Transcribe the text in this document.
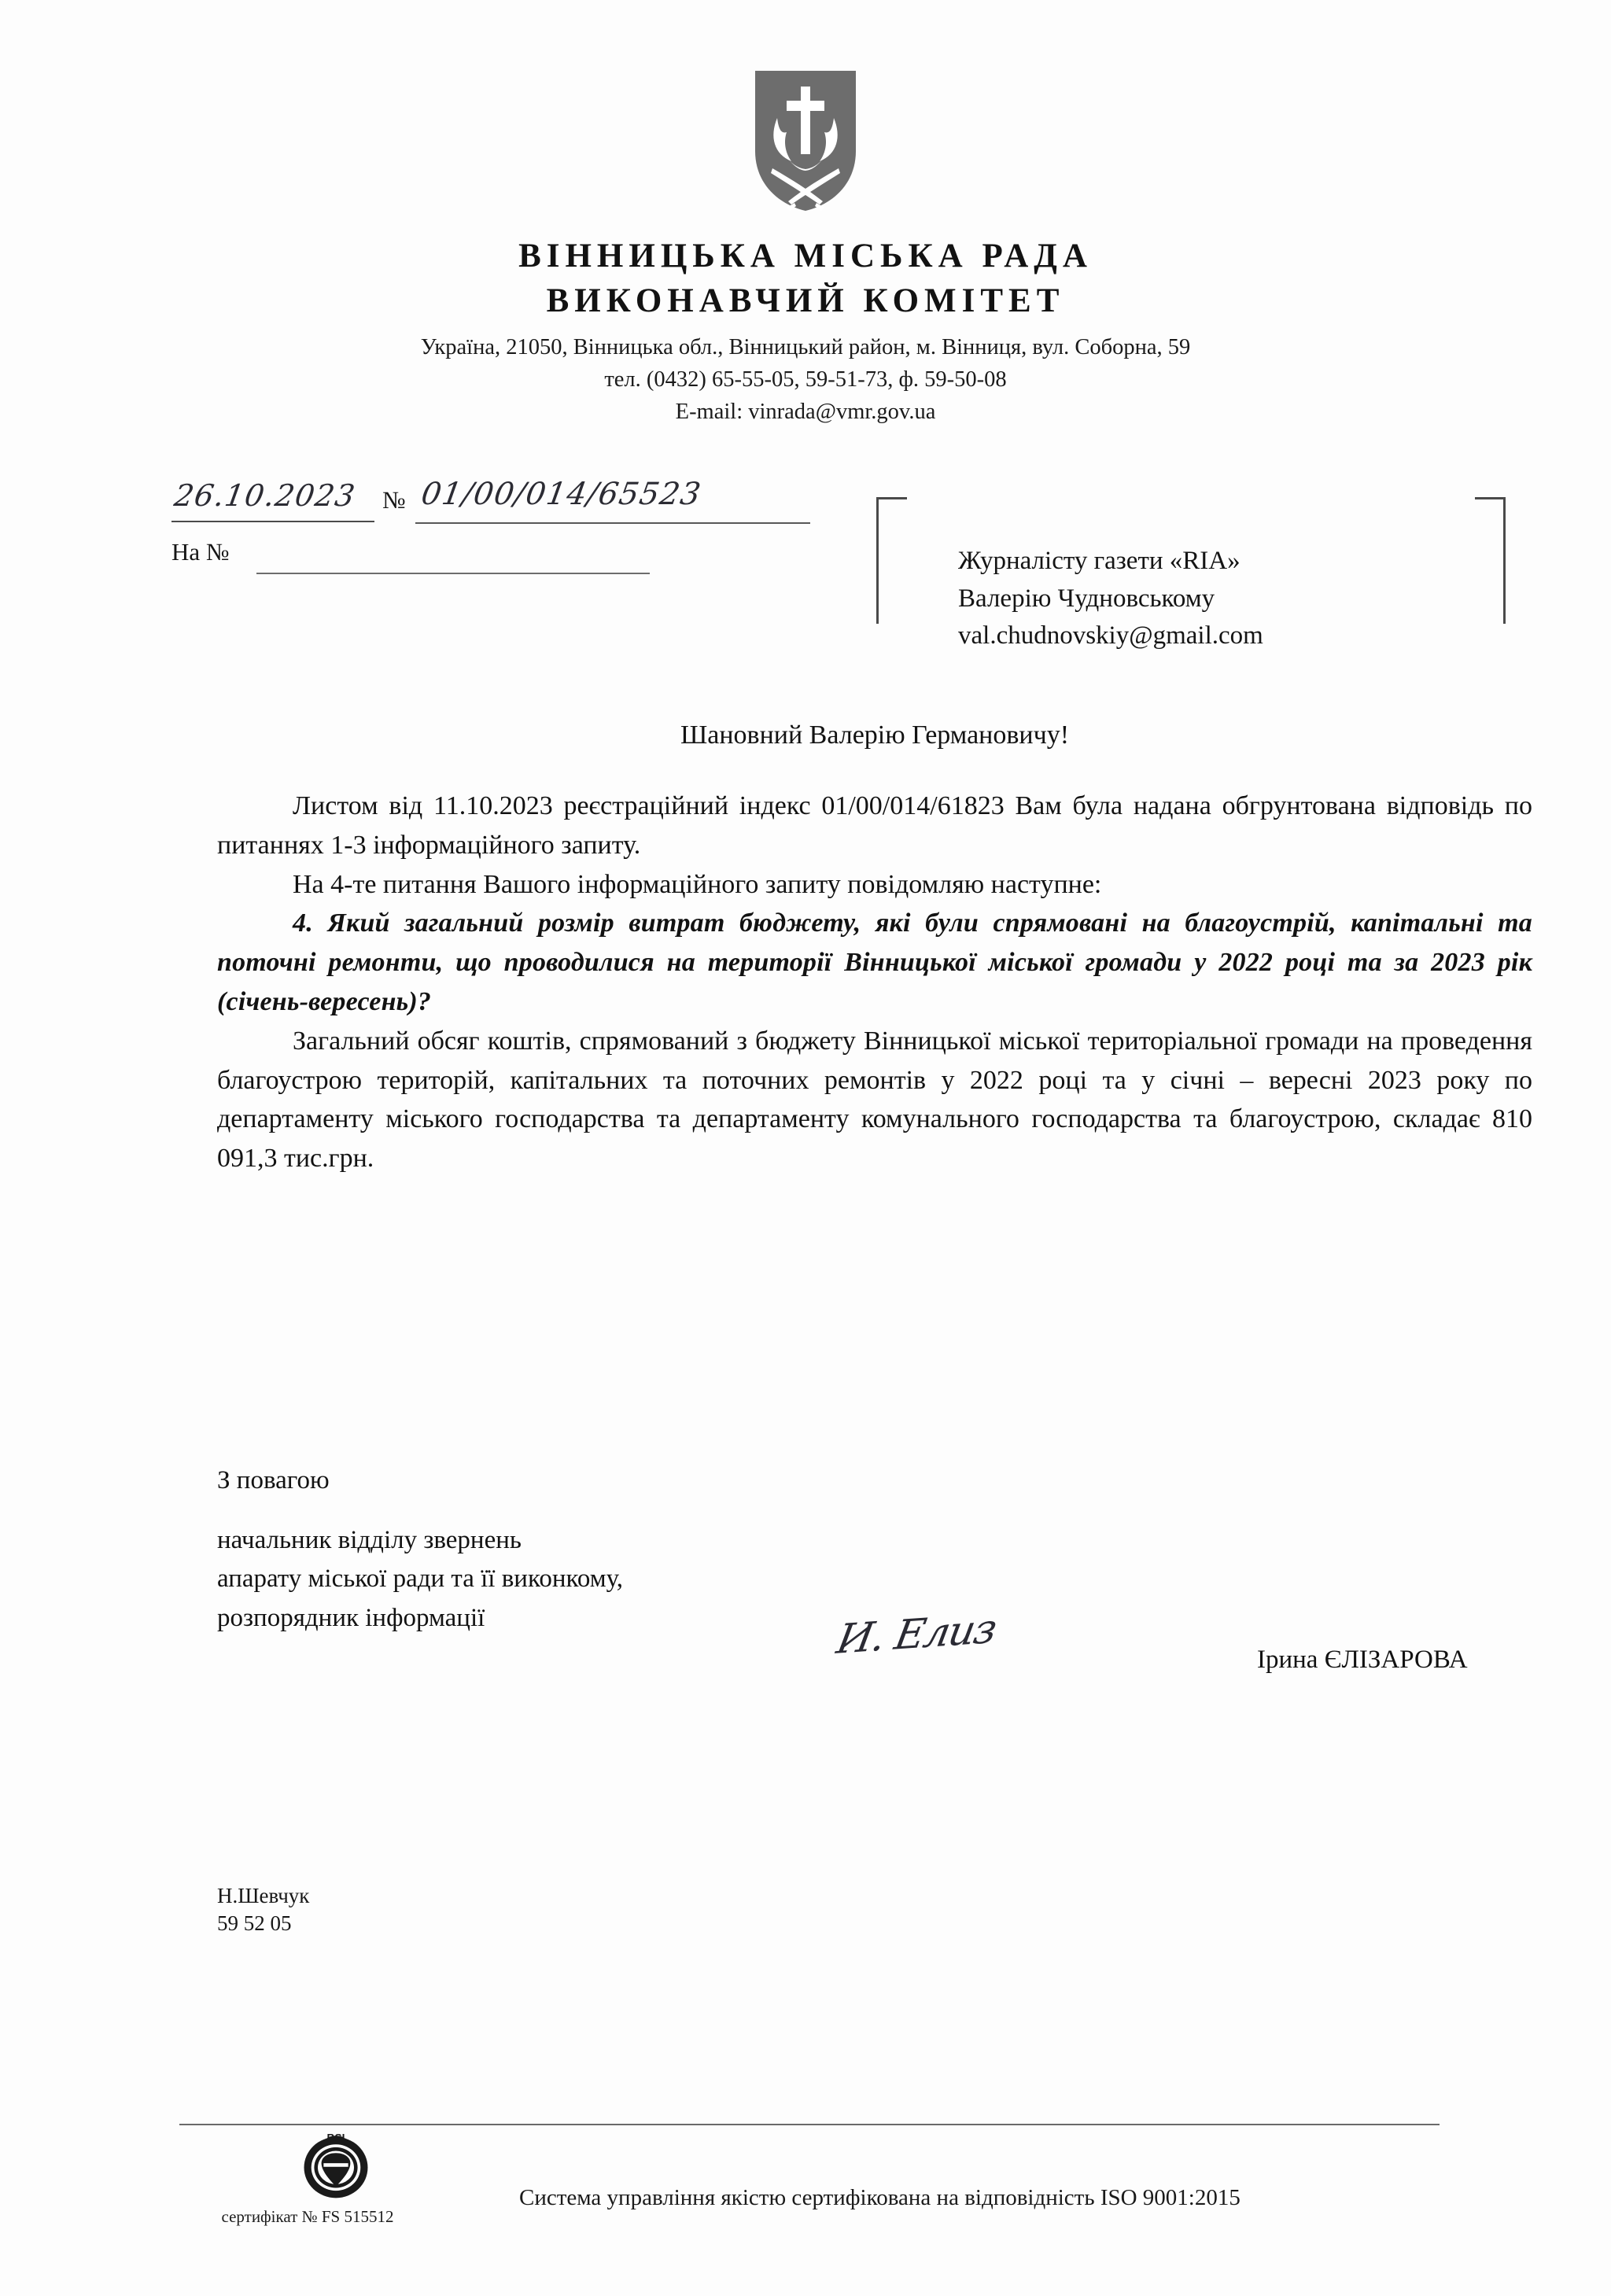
ВІННИЦЬКА МІСЬКА РАДА
ВИКОНАВЧИЙ КОМІТЕТ
Україна, 21050, Вінницька обл., Вінницький район, м. Вінниця, вул. Соборна, 59
тел. (0432) 65-55-05, 59-51-73, ф. 59-50-08
E-mail: vinrada@vmr.gov.ua
26.10.2023 № 01/00/014/65523
На №	Журналісту газети «RIA»
Валерію Чудновському
val.chudnovskiy@gmail.com
Шановний Валерію Германовичу!

Листом від 11.10.2023 реєстраційний індекс 01/00/014/61823 Вам була надана обгрунтована відповідь по питаннях 1-3 інформаційного запиту.

На 4-те питання Вашого інформаційного запиту повідомляю наступне:

4. Який загальний розмір витрат бюджету, які були спрямовані на благоустрій, капітальні та поточні ремонти, що проводилися на території Вінницької міської громади у 2022 році та за 2023 рік (січень-вересень)?

Загальний обсяг коштів, спрямований з бюджету Вінницької міської територіальної громади на проведення благоустрою територій, капітальних та поточних ремонтів у 2022 році та у січні – вересні 2023 року по департаменту міського господарства та департаменту комунального господарства та благоустрою, складає 810 091,3 тис.грн.

З повагою
начальник відділу звернень
апарату міської ради та її виконкому,
розпорядник інформації	И. Елиз	Ірина ЄЛІЗАРОВА
Н.Шевчук
59 52 05
BSI
сертифікат № FS 515512
Система управління якістю сертифікована на відповідність ISO 9001:2015
